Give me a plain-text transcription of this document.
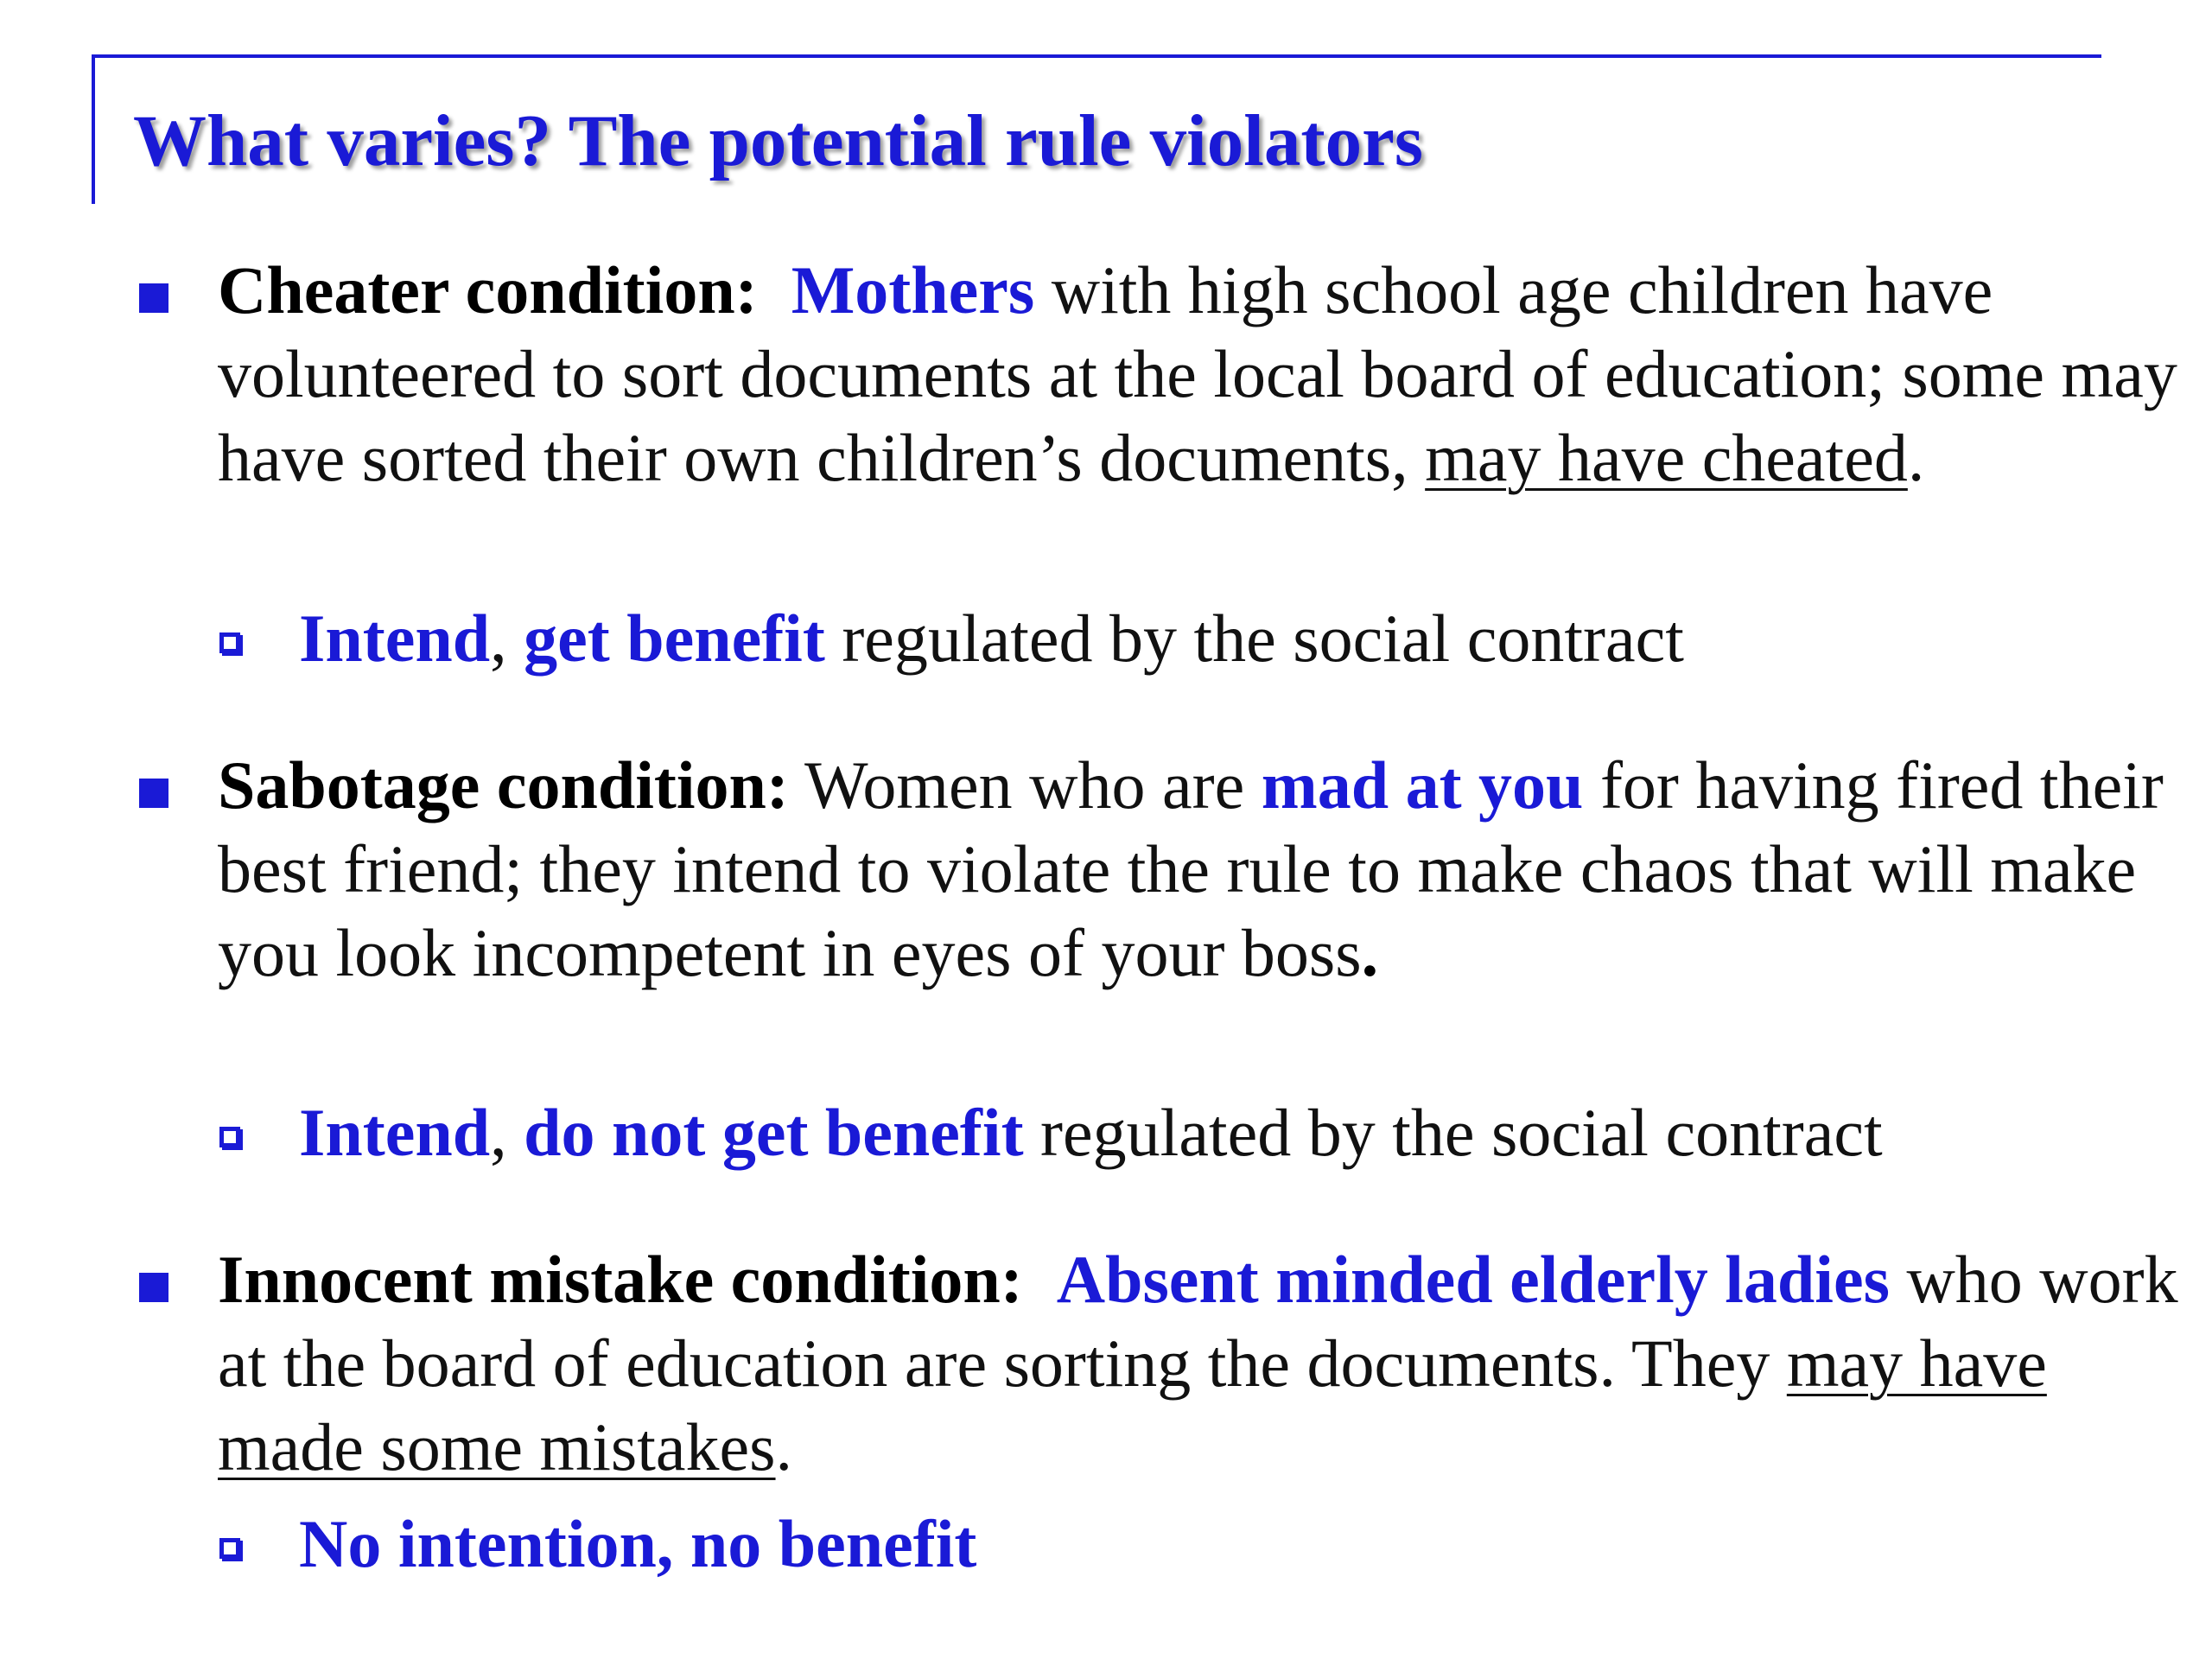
What varies? The potential rule violators
Cheater condition: Mothers with high school age children have volunteered to sort documents at the local board of education; some may have sorted their own children’s documents, may have cheated.
Intend, get benefit regulated by the social contract
Sabotage condition: Women who are mad at you for having fired their best friend; they intend to violate the rule to make chaos that will make you look incompetent in eyes of your boss.
Intend, do not get benefit regulated by the social contract
Innocent mistake condition: Absent minded elderly ladies who work at the board of education are sorting the documents. They may have made some mistakes.
No intention, no benefit
